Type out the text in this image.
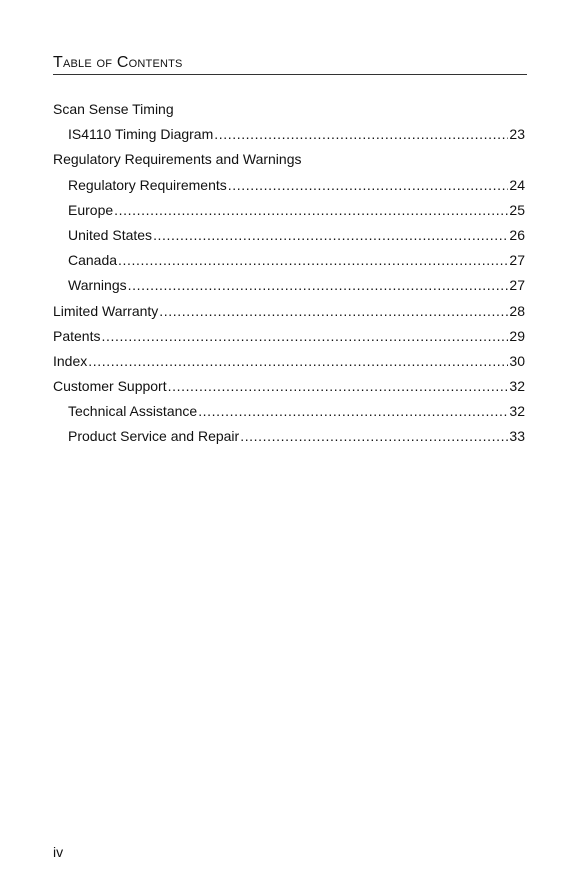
Table of Contents
Scan Sense Timing
IS4110 Timing Diagram .....	23
Regulatory Requirements and Warnings
Regulatory Requirements .....	24
Europe .....	25
United States .....	26
Canada .....	27
Warnings .....	27
Limited Warranty .....	28
Patents .....	29
Index .....	30
Customer Support .....	32
Technical Assistance .....	32
Product Service and Repair .....	33
iv
